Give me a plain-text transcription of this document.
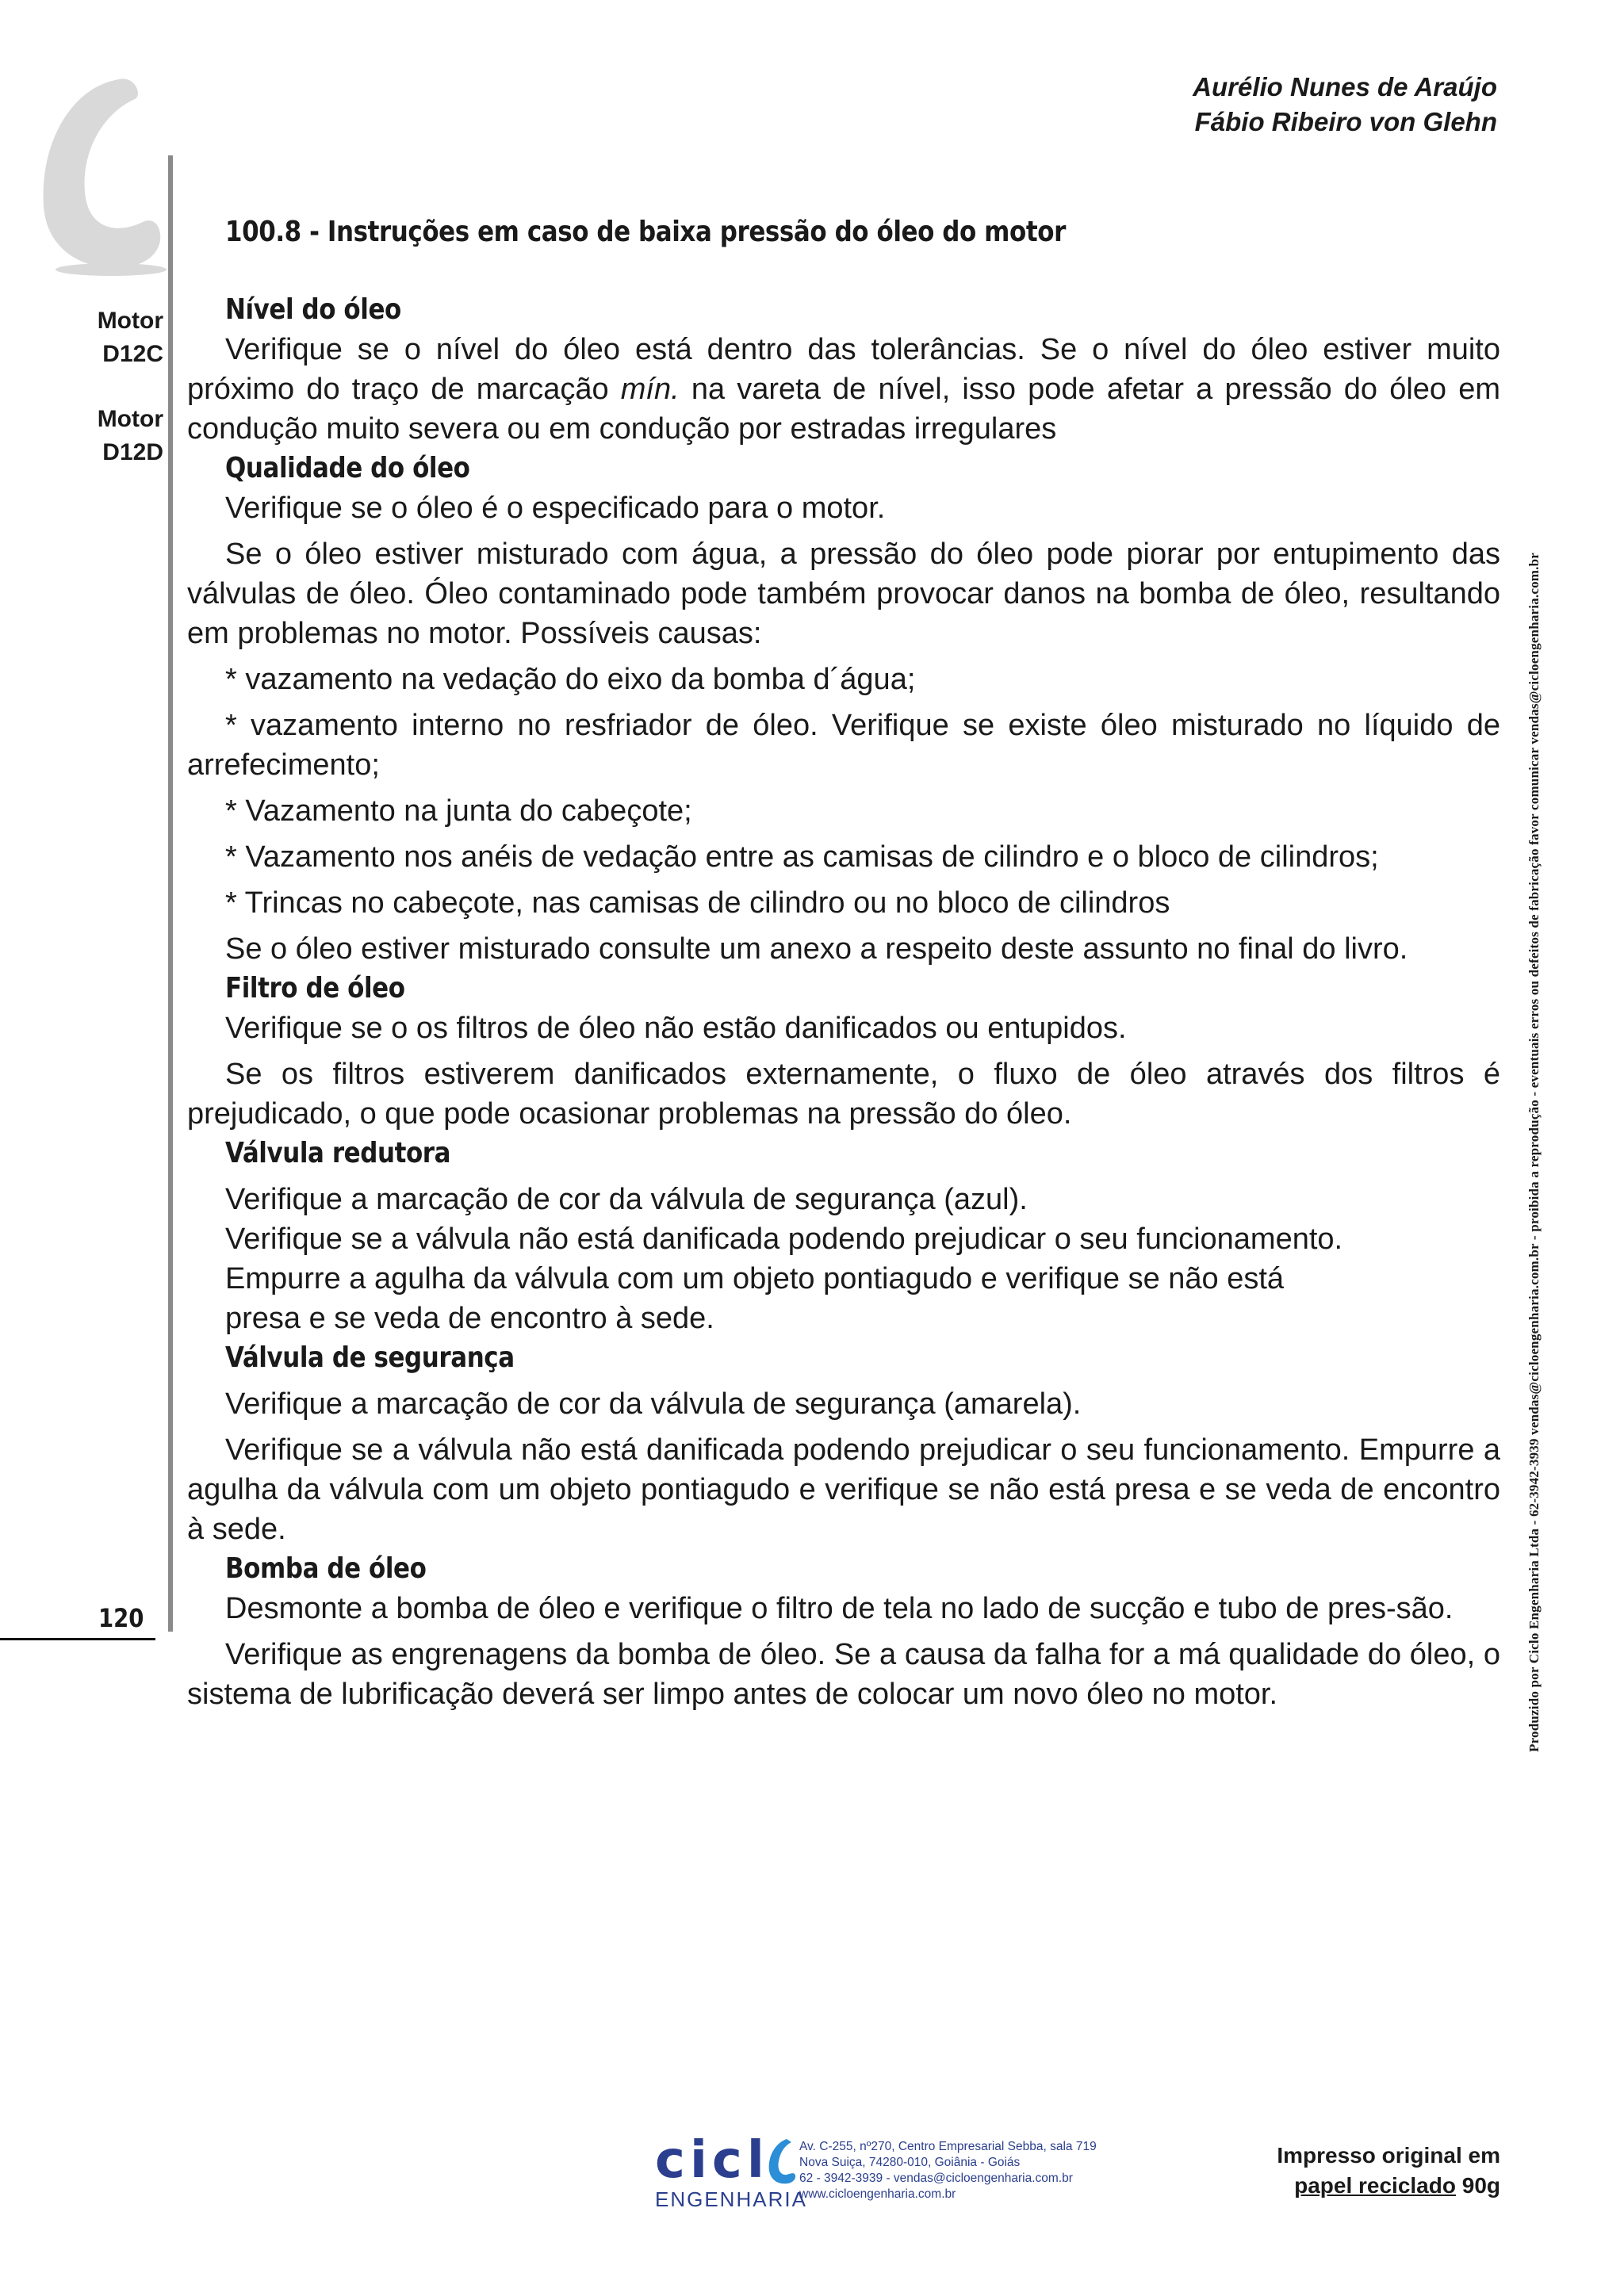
Aurélio Nunes de Araújo
Fábio Ribeiro von Glehn
Motor
D12C
Motor
D12D
100.8 - Instruções em caso de baixa pressão do óleo do motor
Nível do óleo
Verifique se o nível do óleo está dentro das tolerâncias. Se o nível do óleo estiver muito próximo do traço de marcação mín. na vareta de nível, isso pode afetar a pressão do óleo em condução muito severa ou em condução por estradas irregulares
Qualidade do óleo
Verifique se o óleo é o especificado para o motor.
Se o óleo estiver misturado com água, a pressão do óleo pode piorar por entupimento das válvulas de óleo. Óleo contaminado pode também provocar danos na bomba de óleo, resultando em problemas no motor. Possíveis causas:
* vazamento na vedação do eixo da bomba d´água;
* vazamento interno no resfriador de óleo. Verifique se existe óleo misturado no líquido de arrefecimento;
* Vazamento na junta do cabeçote;
* Vazamento nos anéis de vedação entre as camisas de cilindro e o bloco de cilindros;
* Trincas no cabeçote, nas camisas de cilindro ou no bloco de cilindros
Se o óleo estiver misturado consulte um anexo a respeito deste assunto no final do livro.
Filtro de óleo
Verifique se o os filtros de óleo não estão danificados ou entupidos.
Se os filtros estiverem danificados externamente, o fluxo de óleo através dos filtros é prejudicado, o que pode ocasionar problemas na pressão do óleo.
Válvula redutora
Verifique a marcação de cor da válvula de segurança (azul).
Verifique se a válvula não está danificada podendo prejudicar o seu funcionamento.
Empurre a agulha da válvula com um objeto pontiagudo e verifique se não está
presa e se veda de encontro à sede.
Válvula de segurança
Verifique a marcação de cor da válvula de segurança (amarela).
Verifique se a válvula não está danificada podendo prejudicar o seu funcionamento. Empurre a agulha da válvula com um objeto pontiagudo e verifique se não está presa e se veda de encontro à sede.
Bomba de óleo
Desmonte a bomba de óleo e verifique o filtro de tela no lado de sucção e tubo de pres-são.
Verifique as engrenagens da bomba de óleo. Se a causa da falha for a má qualidade do óleo, o sistema de lubrificação deverá ser limpo antes de colocar um novo óleo no motor.	Produzido por Ciclo Engenharia Ltda - 62-3942-3939 vendas@cicloengenharia.com.br - proibida a reprodução - eventuais erros ou defeitos de fabricação favor comunicar vendas@cicloengenharia.com.br
120
cicl
ENGENHARIA
Av. C-255, nº270, Centro Empresarial Sebba, sala 719
Nova Suiça, 74280-010, Goiânia - Goiás
62 - 3942-3939 - vendas@cicloengenharia.com.br
www.cicloengenharia.com.br
Impresso original em
papel reciclado 90g
